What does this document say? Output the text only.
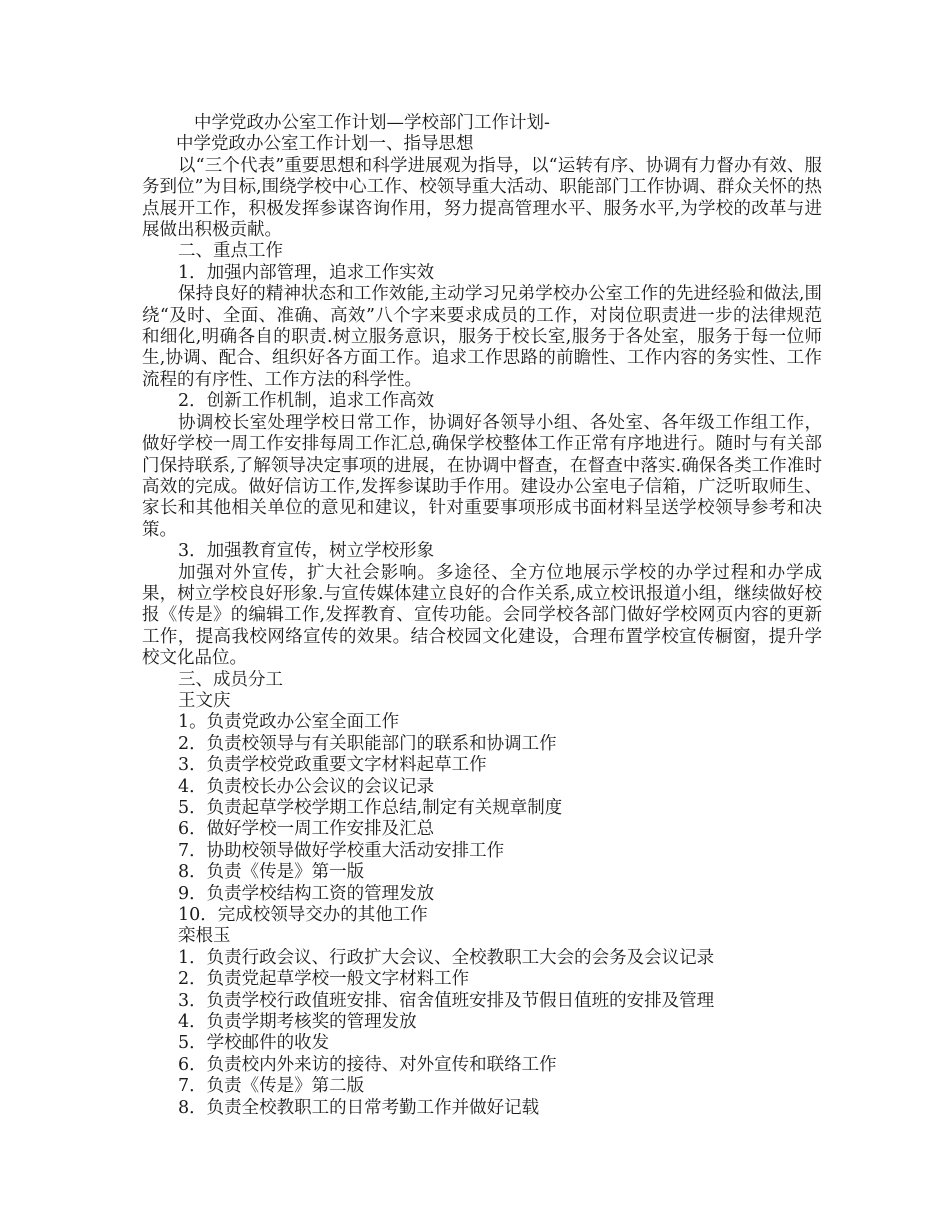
中学党政办公室工作计划—学校部门工作计划-
中学党政办公室工作计划一、指导思想
以“三个代表”重要思想和科学进展观为指导，以“运转有序、协调有力督办有效、服务到位”为目标,围绕学校中心工作、校领导重大活动、职能部门工作协调、群众关怀的热点展开工作，积极发挥参谋咨询作用，努力提高管理水平、服务水平,为学校的改革与进展做出积极贡献。
二、重点工作
1．加强内部管理，追求工作实效
保持良好的精神状态和工作效能,主动学习兄弟学校办公室工作的先进经验和做法,围绕“及时、全面、准确、高效”八个字来要求成员的工作，对岗位职责进一步的法律规范和细化,明确各自的职责.树立服务意识，服务于校长室,服务于各处室，服务于每一位师生,协调、配合、组织好各方面工作。追求工作思路的前瞻性、工作内容的务实性、工作流程的有序性、工作方法的科学性。
2．创新工作机制，追求工作高效
协调校长室处理学校日常工作，协调好各领导小组、各处室、各年级工作组工作，做好学校一周工作安排每周工作汇总,确保学校整体工作正常有序地进行。随时与有关部门保持联系,了解领导决定事项的进展，在协调中督查，在督查中落实.确保各类工作准时高效的完成。做好信访工作,发挥参谋助手作用。建设办公室电子信箱，广泛听取师生、家长和其他相关单位的意见和建议，针对重要事项形成书面材料呈送学校领导参考和决策。
3．加强教育宣传，树立学校形象
加强对外宣传，扩大社会影响。多途径、全方位地展示学校的办学过程和办学成果，树立学校良好形象.与宣传媒体建立良好的合作关系,成立校讯报道小组，继续做好校报《传是》的编辑工作,发挥教育、宣传功能。会同学校各部门做好学校网页内容的更新工作，提高我校网络宣传的效果。结合校园文化建设，合理布置学校宣传橱窗，提升学校文化品位。
三、成员分工
王文庆
1。负责党政办公室全面工作
2．负责校领导与有关职能部门的联系和协调工作
3．负责学校党政重要文字材料起草工作
4．负责校长办公会议的会议记录
5．负责起草学校学期工作总结,制定有关规章制度
6．做好学校一周工作安排及汇总
7．协助校领导做好学校重大活动安排工作
8．负责《传是》第一版
9．负责学校结构工资的管理发放
10．完成校领导交办的其他工作
栾根玉
1．负责行政会议、行政扩大会议、全校教职工大会的会务及会议记录
2．负责党起草学校一般文字材料工作
3．负责学校行政值班安排、宿舍值班安排及节假日值班的安排及管理
4．负责学期考核奖的管理发放
5．学校邮件的收发
6．负责校内外来访的接待、对外宣传和联络工作
7．负责《传是》第二版
8．负责全校教职工的日常考勤工作并做好记载
